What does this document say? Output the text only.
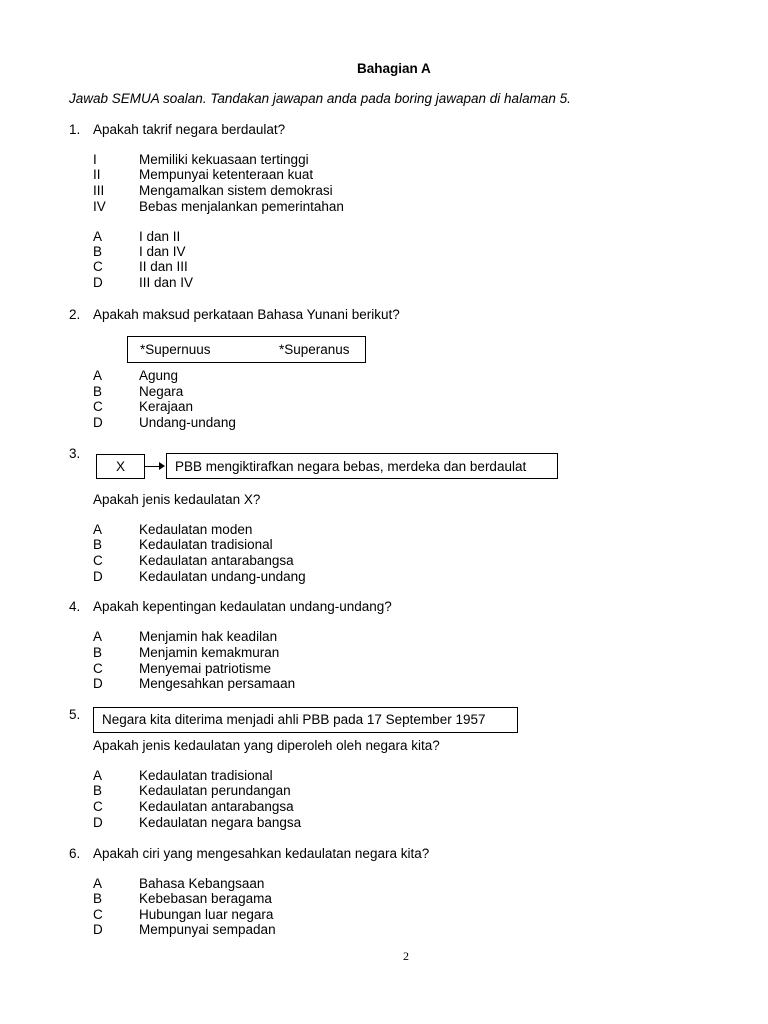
Bahagian A
Jawab SEMUA soalan. Tandakan jawapan anda pada boring jawapan di halaman 5.
1. Apakah takrif negara berdaulat?
I	Memiliki kekuasaan tertinggi
II	Mempunyai ketenteraan kuat
III	Mengamalkan sistem demokrasi
IV Bebas menjalankan pemerintahan
A	I dan II
B	I dan IV
C	II dan III
D	III dan IV
2. Apakah maksud perkataan Bahasa Yunani berikut?
*Supernuus	*Superanus
A	Agung
B	Negara
C	Kerajaan
D	Undang-undang
3.
X	PBB mengiktirafkan negara bebas, merdeka dan berdaulat
Apakah jenis kedaulatan X?
A	Kedaulatan moden
B	Kedaulatan tradisional
C	Kedaulatan antarabangsa
D	Kedaulatan undang-undang
4. Apakah kepentingan kedaulatan undang-undang?
A	Menjamin hak keadilan
B	Menjamin kemakmuran
C	Menyemai patriotisme
D	Mengesahkan persamaan
5. Negara kita diterima menjadi ahli PBB pada 17 September 1957
Apakah jenis kedaulatan yang diperoleh oleh negara kita?
A	Kedaulatan tradisional
B	Kedaulatan perundangan
C	Kedaulatan antarabangsa
D	Kedaulatan negara bangsa
6. Apakah ciri yang mengesahkan kedaulatan negara kita?
A	Bahasa Kebangsaan
B	Kebebasan beragama
C	Hubungan luar negara
D	Mempunyai sempadan
2
